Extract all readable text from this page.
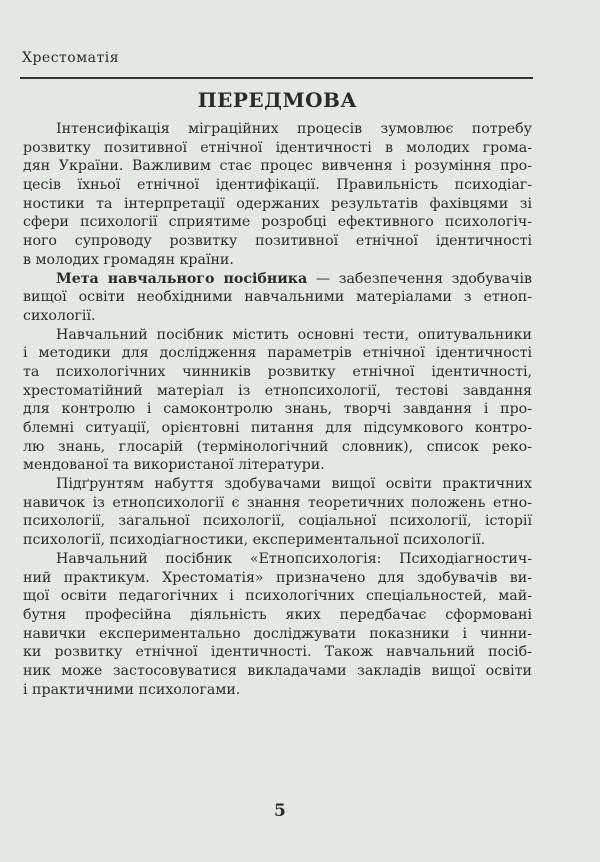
Хрестоматія
ПЕРЕДМОВА
Інтенсифікація міграційних процесів зумовлює потребу
розвитку позитивної етнічної ідентичності в молодих грома-
дян України. Важливим стає процес вивчення і розуміння про-
цесів їхньої етнічної ідентифікації. Правильність психодіаг-
ностики та інтерпретації одержаних результатів фахівцями зі
сфери психології сприятиме розробці ефективного психологіч-
ного супроводу розвитку позитивної етнічної ідентичності
в молодих громадян країни.
Мета навчального посібника — забезпечення здобувачів
вищої освіти необхідними навчальними матеріалами з етноп-
сихології.
Навчальний посібник містить основні тести, опитувальники
і методики для дослідження параметрів етнічної ідентичності
та психологічних чинників розвитку етнічної ідентичності,
хрестоматійний матеріал із етнопсихології, тестові завдання
для контролю і самоконтролю знань, творчі завдання і про-
блемні ситуації, орієнтовні питання для підсумкового контро-
лю знань, глосарій (термінологічний словник), список реко-
мендованої та використаної літератури.
Підґрунтям набуття здобувачами вищої освіти практичних
навичок із етнопсихології є знання теоретичних положень етно-
психології, загальної психології, соціальної психології, історії
психології, психодіагностики, експериментальної психології.
Навчальний посібник «Етнопсихологія: Психодіагностич-
ний практикум. Хрестоматія» призначено для здобувачів ви-
щої освіти педагогічних і психологічних спеціальностей, май-
бутня професійна діяльність яких передбачає сформовані
навички експериментально досліджувати показники і чинни-
ки розвитку етнічної ідентичності. Також навчальний посіб-
ник може застосовуватися викладачами закладів вищої освіти
і практичними психологами.
5
